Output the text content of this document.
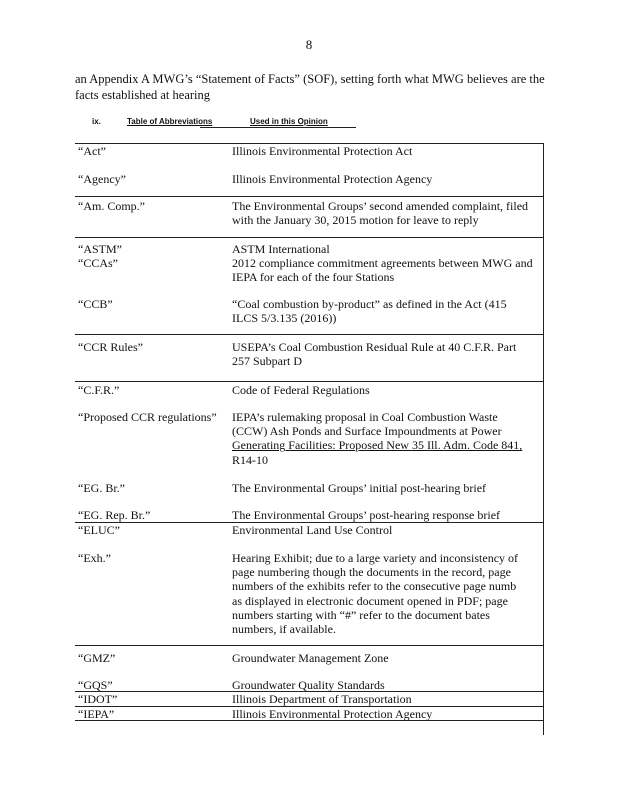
8
an Appendix A MWG’s “Statement of Facts” (SOF), setting forth what MWG believes are the
facts established at hearing
ix.	Table of Abbreviations	Used in this Opinion
“Act”	Illinois Environmental Protection Act
“Agency”	Illinois Environmental Protection Agency
“Am. Comp.”	The Environmental Groups’ second amended complaint, filed
with the January 30, 2015 motion for leave to reply
“ASTM”	ASTM International
“CCAs”	2012 compliance commitment agreements between MWG and
IEPA for each of the four Stations
“CCB”	“Coal combustion by-product” as defined in the Act (415
ILCS 5/3.135 (2016))
“CCR Rules”	USEPA’s Coal Combustion Residual Rule at 40 C.F.R. Part
257 Subpart D
“C.F.R.”	Code of Federal Regulations
“Proposed CCR regulations” IEPA’s rulemaking proposal in Coal Combustion Waste
(CCW) Ash Ponds and Surface Impoundments at Power
Generating Facilities: Proposed New 35 Ill. Adm. Code 841,
R14-10
“EG. Br.”	The Environmental Groups’ initial post-hearing brief
“EG. Rep. Br.”	The Environmental Groups’ post-hearing response brief
“ELUC”	Environmental Land Use Control
“Exh.”	Hearing Exhibit; due to a large variety and inconsistency of
page numbering though the documents in the record, page
numbers of the exhibits refer to the consecutive page numb
as displayed in electronic document opened in PDF; page
numbers starting with “#” refer to the document bates
numbers, if available.
“GMZ”	Groundwater Management Zone
“GQS”	Groundwater Quality Standards
“IDOT”	Illinois Department of Transportation
“IEPA”	Illinois Environmental Protection Agency
